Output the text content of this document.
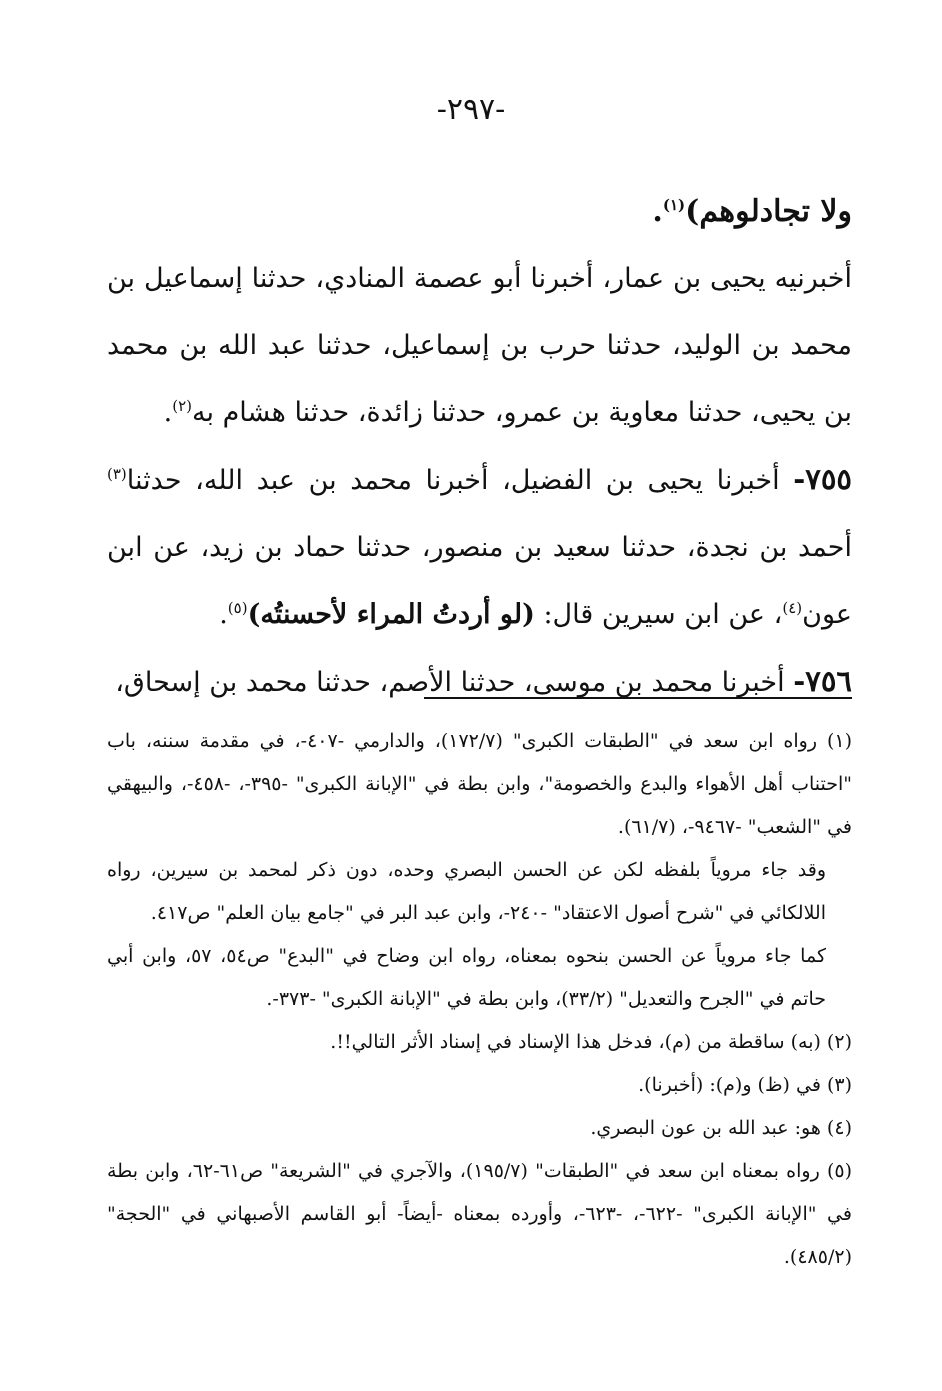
-٢٩٧-

ولا تجادلوهم)$^{(١)}$.

أخبرنيه يحيى بن عمار، أخبرنا أبو عصمة المنادي، حدثنا إسماعيل بن محمد بن الوليد، حدثنا حرب بن إسماعيل، حدثنا عبد الله بن محمد بن يحيى، حدثنا معاوية بن عمرو، حدثنا زائدة، حدثنا هشام به$^{(٢)}$.

٧٥٥- أخبرنا يحيى بن الفضيل، أخبرنا محمد بن عبد الله، حدثنا$^{(٣)}$ أحمد بن نجدة، حدثنا سعيد بن منصور، حدثنا حماد بن زيد، عن ابن عون$^{(٤)}$، عن ابن سيرين قال: (لو أردتُ المراء لأحسنتُه)$^{(٥)}$.

٧٥٦- أخبرنا محمد بن موسى، حدثنا الأصم، حدثنا محمد بن إسحاق،

(١) رواه ابن سعد في "الطبقات الكبرى" (١٧٢/٧)، والدارمي -٤٠٧-، في مقدمة سننه، باب "احتناب أهل الأهواء والبدع والخصومة"، وابن بطة في "الإبانة الكبرى" -٣٩٥-، -٤٥٨-، والبيهقي في "الشعب" -٩٤٦٧-، (٦١/٧).

وقد جاء مروياً بلفظه لكن عن الحسن البصري وحده، دون ذكر لمحمد بن سيرين، رواه اللالكائي في "شرح أصول الاعتقاد" -٢٤٠-، وابن عبد البر في "جامع بيان العلم" ص٤١٧.

كما جاء مروياً عن الحسن بنحوه بمعناه، رواه ابن وضاح في "البدع" ص٥٤، ٥٧، وابن أبي حاتم في "الجرح والتعديل" (٣٣/٢)، وابن بطة في "الإبانة الكبرى" -٣٧٣-.

(٢) (به) ساقطة من (م)، فدخل هذا الإسناد في إسناد الأثر التالي!!.

(٣) في (ظ) و(م): (أخبرنا).

(٤) هو: عبد الله بن عون البصري.

(٥) رواه بمعناه ابن سعد في "الطبقات" (١٩٥/٧)، والآجري في "الشريعة" ص٦١-٦٢، وابن بطة في "الإبانة الكبرى" -٦٢٢-، -٦٢٣-، وأورده بمعناه -أيضاً- أبو القاسم الأصبهاني في "الحجة" (٤٨٥/٢).
